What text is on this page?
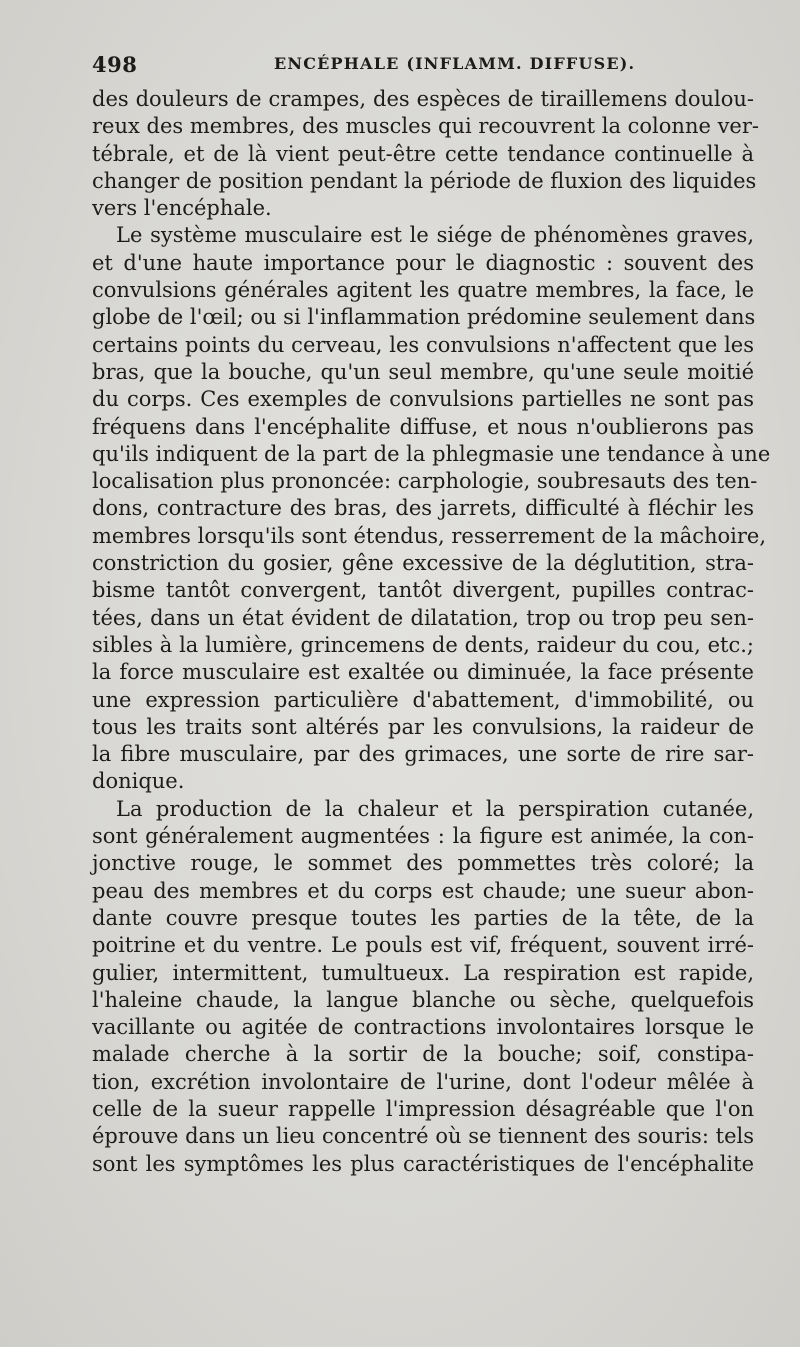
498	ENCÉPHALE (INFLAMM. DIFFUSE).
des douleurs de crampes, des espèces de tiraillemens doulou-
reux des membres, des muscles qui recouvrent la colonne ver-
tébrale, et de là vient peut-être cette tendance continuelle à
changer de position pendant la période de fluxion des liquides
vers l'encéphale.
Le système musculaire est le siége de phénomènes graves,
et d'une haute importance pour le diagnostic : souvent des
convulsions générales agitent les quatre membres, la face, le
globe de l'œil; ou si l'inflammation prédomine seulement dans
certains points du cerveau, les convulsions n'affectent que les
bras, que la bouche, qu'un seul membre, qu'une seule moitié
du corps. Ces exemples de convulsions partielles ne sont pas
fréquens dans l'encéphalite diffuse, et nous n'oublierons pas
qu'ils indiquent de la part de la phlegmasie une tendance à une
localisation plus prononcée: carphologie, soubresauts des ten-
dons, contracture des bras, des jarrets, difficulté à fléchir les
membres lorsqu'ils sont étendus, resserrement de la mâchoire,
constriction du gosier, gêne excessive de la déglutition, stra-
bisme tantôt convergent, tantôt divergent, pupilles contrac-
tées, dans un état évident de dilatation, trop ou trop peu sen-
sibles à la lumière, grincemens de dents, raideur du cou, etc.;
la force musculaire est exaltée ou diminuée, la face présente
une expression particulière d'abattement, d'immobilité, ou
tous les traits sont altérés par les convulsions, la raideur de
la fibre musculaire, par des grimaces, une sorte de rire sar-
donique.
La production de la chaleur et la perspiration cutanée,
sont généralement augmentées : la figure est animée, la con-
jonctive rouge, le sommet des pommettes très coloré; la
peau des membres et du corps est chaude; une sueur abon-
dante couvre presque toutes les parties de la tête, de la
poitrine et du ventre. Le pouls est vif, fréquent, souvent irré-
gulier, intermittent, tumultueux. La respiration est rapide,
l'haleine chaude, la langue blanche ou sèche, quelquefois
vacillante ou agitée de contractions involontaires lorsque le
malade cherche à la sortir de la bouche; soif, constipa-
tion, excrétion involontaire de l'urine, dont l'odeur mêlée à
celle de la sueur rappelle l'impression désagréable que l'on
éprouve dans un lieu concentré où se tiennent des souris: tels
sont les symptômes les plus caractéristiques de l'encéphalite
